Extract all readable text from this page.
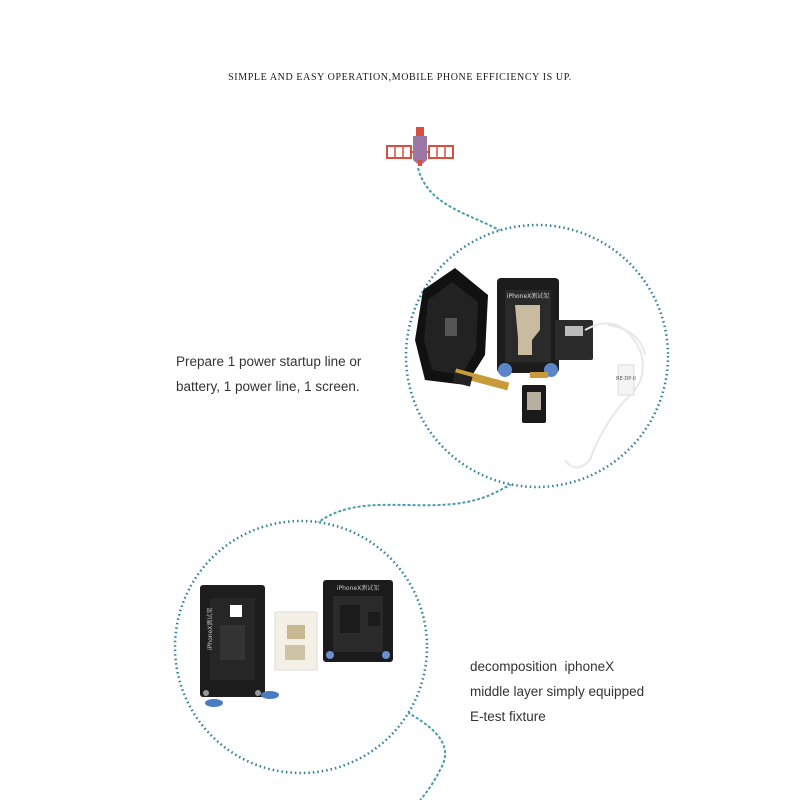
SIMPLE AND EASY OPERATION,MOBILE PHONE EFFICIENCY IS UP.
iPhoneX测试架
RE·DP·II
iPhoneX测试架
iPhoneX测试架
Prepare 1 power startup line or
battery, 1 power line, 1 screen.
decomposition  iphoneX
middle layer simply equipped
E-test fixture
